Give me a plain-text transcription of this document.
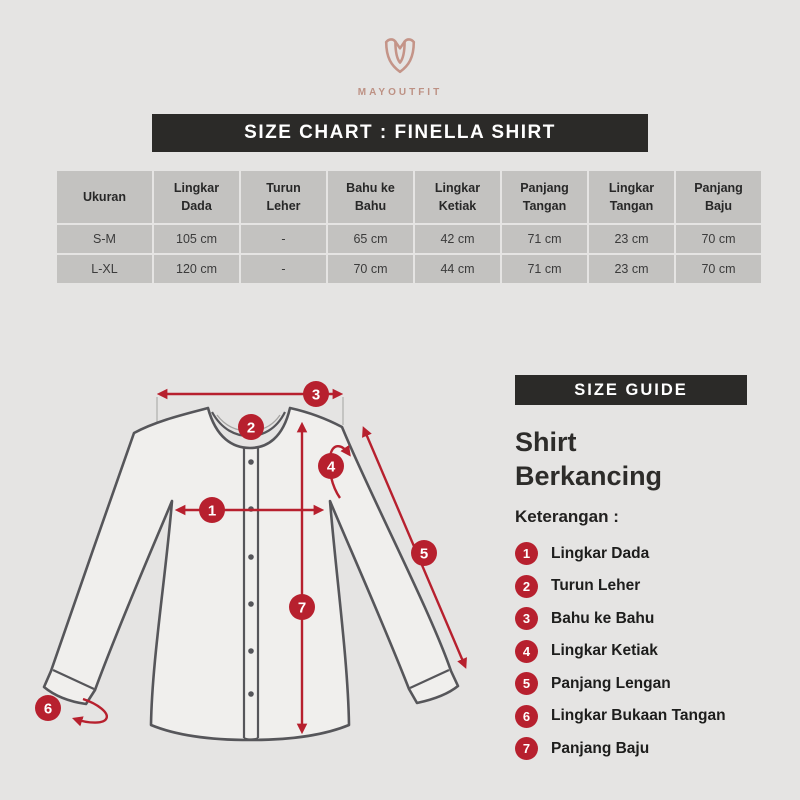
MAYOUTFIT
SIZE CHART : FINELLA SHIRT
Ukuran	Lingkar Dada	Turun Leher	Bahu ke Bahu	Lingkar Ketiak	Panjang Tangan	Lingkar Tangan	Panjang Baju
S-M	105 cm	-	65 cm	42 cm	71 cm	23 cm	70 cm
L-XL	120 cm	-	70 cm	44 cm	71 cm	23 cm	70 cm
3
2
4
1
5
7
6
SIZE GUIDE
Shirt Berkancing
Keterangan :
1	Lingkar Dada
2	Turun Leher
3	Bahu ke Bahu
4	Lingkar Ketiak
5	Panjang Lengan
6	Lingkar Bukaan Tangan
7	Panjang Baju
